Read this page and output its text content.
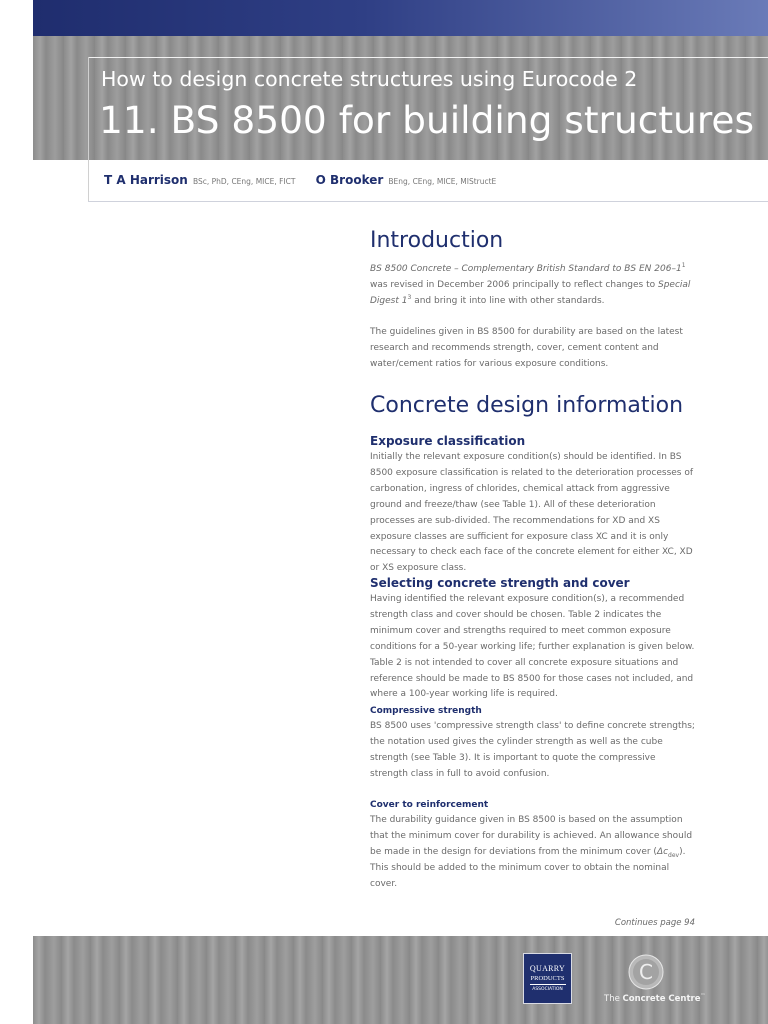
How to design concrete structures using Eurocode 2
11. BS 8500 for building structures
T A Harrison BSc, PhD, CEng, MICE, FICT O Brooker BEng, CEng, MICE, MIStructE
Introduction

BS 8500 Concrete – Complementary British Standard to BS EN $206-1^1$ was revised in December 2006 principally to reflect changes to Special Digest $1^3$ and bring it into line with other standards.

The guidelines given in BS 8500 for durability are based on the latest research and recommends strength, cover, cement content and water/cement ratios for various exposure conditions.

Concrete design information
Exposure classification

Initially the relevant exposure condition(s) should be identified. In BS 8500 exposure classification is related to the deterioration processes of carbonation, ingress of chlorides, chemical attack from aggressive ground and freeze/thaw (see Table 1). All of these deterioration processes are sub-divided. The recommendations for XD and XS exposure classes are sufficient for exposure class XC and it is only necessary to check each face of the concrete element for either XC, XD or XS exposure class.

Selecting concrete strength and cover

Having identified the relevant exposure condition(s), a recommended strength class and cover should be chosen. Table 2 indicates the minimum cover and strengths required to meet common exposure conditions for a 50-year working life; further explanation is given below. Table 2 is not intended to cover all concrete exposure situations and reference should be made to BS 8500 for those cases not included, and where a 100-year working life is required.

Compressive strength

BS 8500 uses 'compressive strength class' to define concrete strengths; the notation used gives the cylinder strength as well as the cube strength (see Table 3). It is important to quote the compressive strength class in full to avoid confusion.

Cover to reinforcement

The durability guidance given in BS 8500 is based on the assumption that the minimum cover for durability is achieved. An allowance should be made in the design for deviations from the minimum cover $(\Delta c_{dev})$. This should be added to the minimum cover to obtain the nominal cover.

Continues page 94
QUARRY
PRODUCTS
ASSOCIATION
C
The Concrete Centre™
